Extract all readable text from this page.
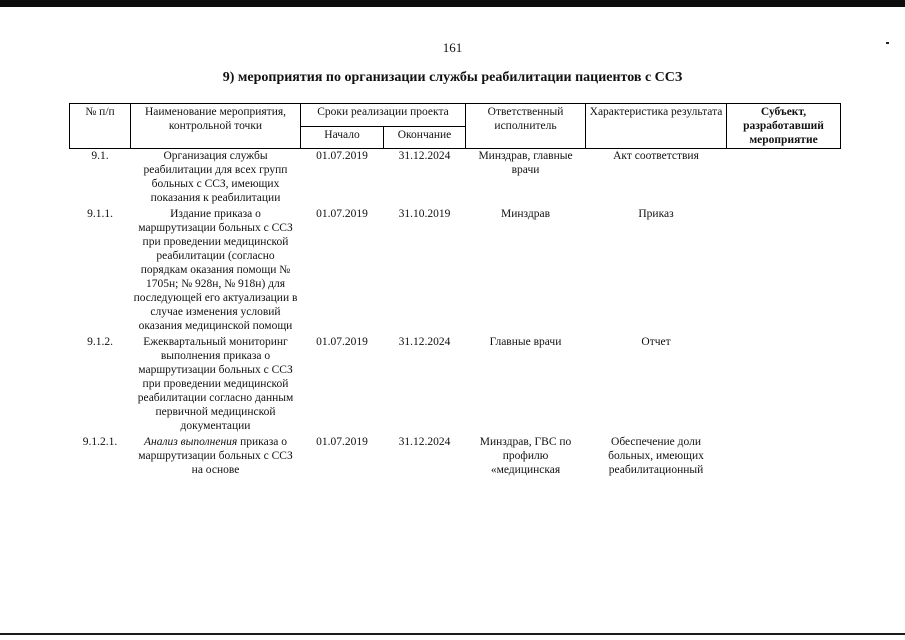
161
9) мероприятия по организации службы реабилитации пациентов с ССЗ
№ п/п	Наименование мероприятия, контрольной точки	Сроки реализации проекта		Ответственный исполнитель	Характеристика результата	Субъект, разработавший мероприятие
		Начало	Окончание			
9.1.	Организация службы реабилитации для всех групп больных с ССЗ, имеющих показания к реабилитации	01.07.2019	31.12.2024	Минздрав, главные врачи	Акт соответствия	
9.1.1.	Издание приказа о маршрутизации больных с ССЗ при проведении медицинской реабилитации (согласно порядкам оказания помощи № 1705н; № 928н, № 918н) для последующей его актуализации в случае изменения условий оказания медицинской помощи	01.07.2019	31.10.2019	Минздрав	Приказ	
9.1.2.	Ежеквартальный мониторинг выполнения приказа о маршрутизации больных с ССЗ при проведении медицинской реабилитации согласно данным первичной медицинской документации	01.07.2019	31.12.2024	Главные врачи	Отчет	
9.1.2.1.	Анализ выполнения приказа о маршрутизации больных с ССЗ на основе	01.07.2019	31.12.2024	Минздрав, ГВС по профилю «медицинская	Обеспечение доли больных, имеющих реабилитационный	
